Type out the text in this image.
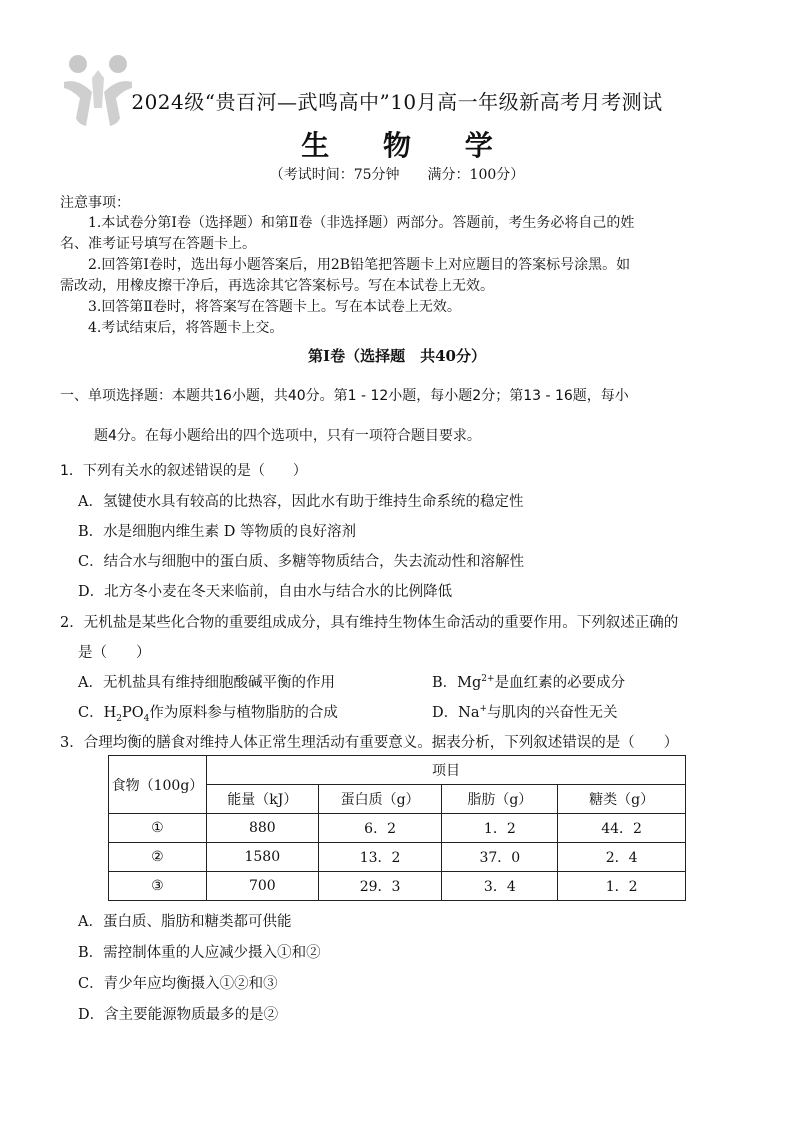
2024级“贵百河—武鸣高中”10月高一年级新高考月考测试
生 物 学
（考试时间：75分钟　　满分：100分）
注意事项：
1.本试卷分第Ⅰ卷（选择题）和第Ⅱ卷（非选择题）两部分。答题前，考生务必将自己的姓
名、准考证号填写在答题卡上。
2.回答第Ⅰ卷时，选出每小题答案后，用2B铅笔把答题卡上对应题目的答案标号涂黑。如
需改动，用橡皮擦干净后，再选涂其它答案标号。写在本试卷上无效。
3.回答第Ⅱ卷时，将答案写在答题卡上。写在本试卷上无效。
4.考试结束后，将答题卡上交。
第Ⅰ卷（选择题　共40分）
一、单项选择题：本题共16小题，共40分。第1 - 12小题，每小题2分；第13 - 16题，每小
题4分。在每小题给出的四个选项中，只有一项符合题目要求。
1．下列有关水的叙述错误的是（　　）
A．氢键使水具有较高的比热容，因此水有助于维持生命系统的稳定性
B．水是细胞内维生素 D 等物质的良好溶剂
C．结合水与细胞中的蛋白质、多糖等物质结合，失去流动性和溶解性
D．北方冬小麦在冬天来临前，自由水与结合水的比例降低
2．无机盐是某些化合物的重要组成成分，具有维持生物体生命活动的重要作用。下列叙述正确的
是（　　）
A．无机盐具有维持细胞酸碱平衡的作用	B．$Mg^{2+}$是血红素的必要成分
C．$H_2PO_4$作为原料参与植物脂肪的合成	D．Na+与肌肉的兴奋性无关
3．合理均衡的膳食对维持人体正常生理活动有重要意义。据表分析，下列叙述错误的是（　　）
食物（100g）	项目			
	能量（kJ）	蛋白质（g）	脂肪（g）	糖类（g）
①	880	6．2	1．2	44．2
②	1580	13．2	37．0	2．4
③	700	29．3	3．4	1．2
A．蛋白质、脂肪和糖类都可供能
B．需控制体重的人应减少摄入①和②
C．青少年应均衡摄入①②和③
D．含主要能源物质最多的是②
